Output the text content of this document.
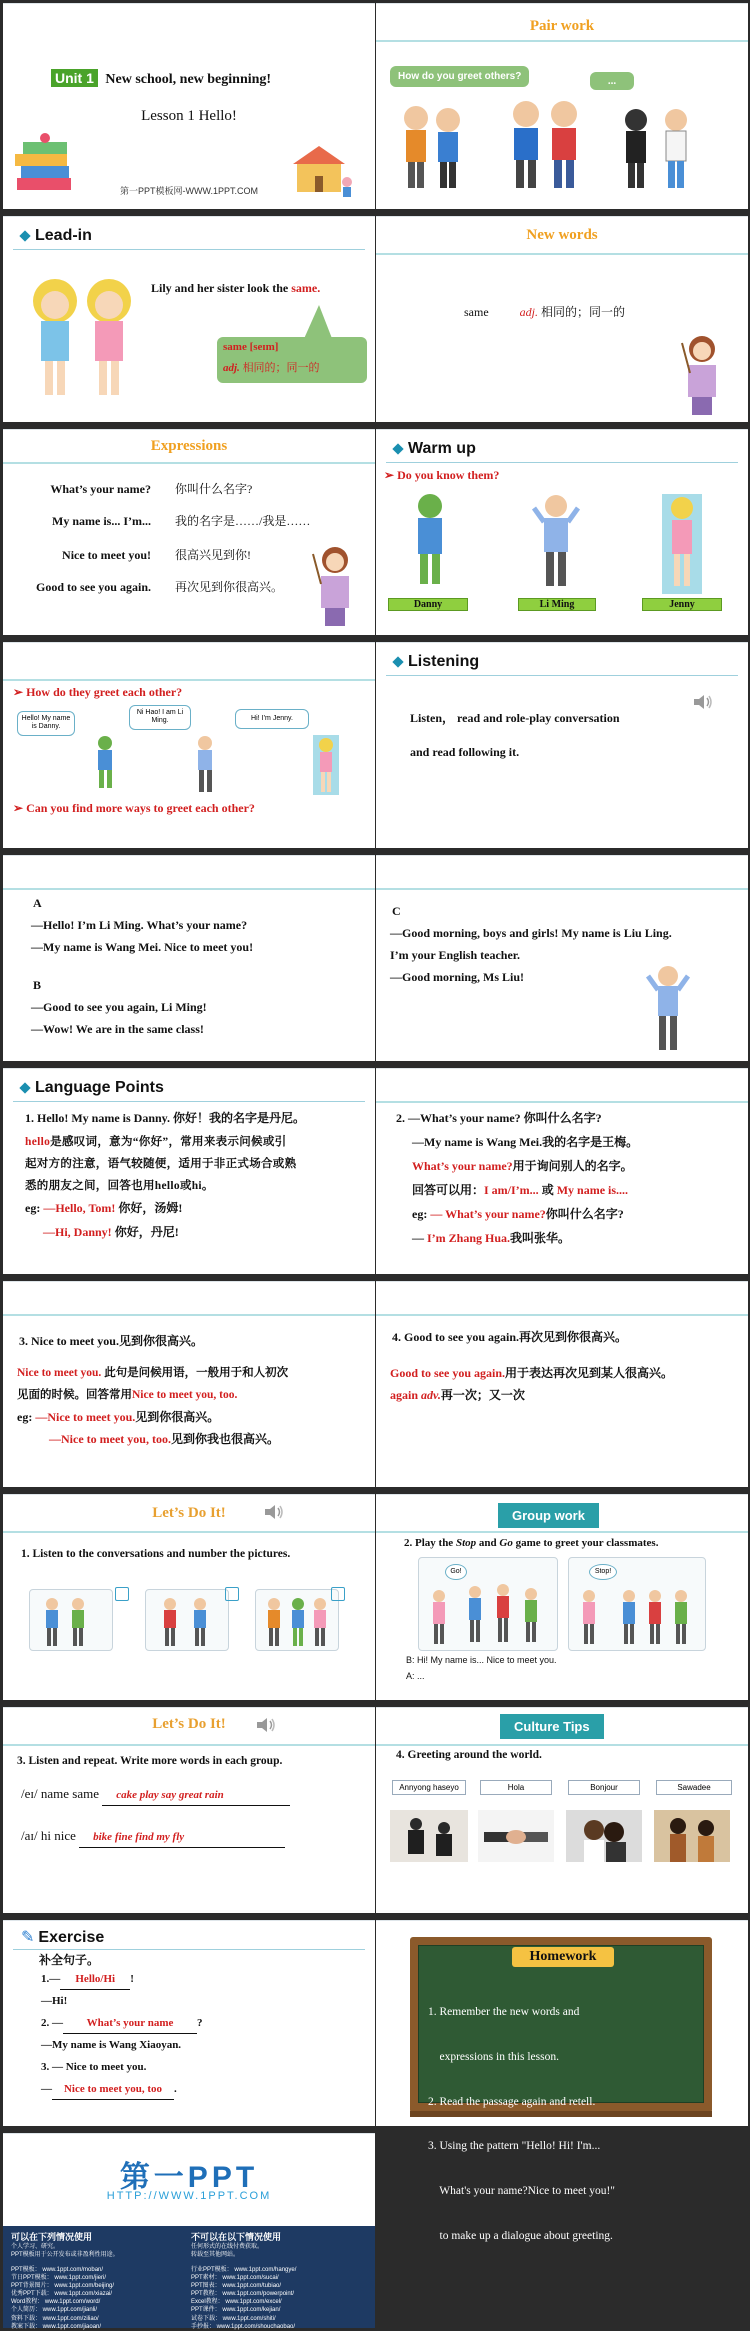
Unit 1 New school, new beginning!
Lesson 1 Hello!
第一PPT模板网-WWW.1PPT.COM
Pair work
How do you greet others?	...
Lead-in
Lily and her sister look the same.
same [seɪm]
adj. 相同的；同一的
New words
same	adj. 相同的；同一的
Expressions
What’s your name? 你叫什么名字?
My name is... I’m... 我的名字是……/我是……
Nice to meet you! 很高兴见到你!
Good to see you again. 再次见到你很高兴。
Warm up
➢ Do you know them?
Danny	Li Ming	Jenny
➢ How do they greet each other?
Hello! My name is Danny.
Ni Hao! I am Li Ming.	Hi! I’m Jenny.
➢ Can you find more ways to greet each other?
Listening
Listen， read and role-play conversation
and read following it.
A
—Hello! I’m Li Ming. What’s your name?
—My name is Wang Mei. Nice to meet you!
B
—Good to see you again, Li Ming!
—Wow! We are in the same class!
C
—Good morning, boys and girls! My name is Liu Ling.
I’m your English teacher.
—Good morning, Ms Liu!
Language Points
1. Hello! My name is Danny. 你好！我的名字是丹尼。
hello是感叹词，意为“你好”，常用来表示问候或引
起对方的注意，语气较随便，适用于非正式场合或熟
悉的朋友之间，回答也用hello或hi。
eg: —Hello, Tom! 你好，汤姆!
—Hi, Danny! 你好，丹尼!
2. —What’s your name? 你叫什么名字?
—My name is Wang Mei.我的名字是王梅。
What’s your name?用于询问别人的名字。
回答可以用：I am/I’m... 或 My name is....
eg: — What’s your name?你叫什么名字?
— I’m Zhang Hua.我叫张华。
3. Nice to meet you.见到你很高兴。
Nice to meet you. 此句是问候用语，一般用于和人初次
见面的时候。回答常用Nice to meet you, too.
eg: —Nice to meet you.见到你很高兴。
—Nice to meet you, too.见到你我也很高兴。
4. Good to see you again.再次见到你很高兴。
Good to see you again.用于表达再次见到某人很高兴。
again adv.再一次；又一次
Let’s Do It!
1. Listen to the conversations and number the pictures.
Group work
2. Play the Stop and Go game to greet your classmates.
Go!	Stop!
B: Hi! My name is... Nice to meet you.
A: ...
Let’s Do It!
3. Listen and repeat. Write more words in each group.
/eɪ/ name same cake play say great rain
/aɪ/ hi nice bike fine find my fly
Culture Tips
4. Greeting around the world.
Annyong haseyo	Hola	Bonjour	Sawadee
✎ Exercise
补全句子。
1.— Hello/Hi !
—Hi!
2. — What’s your name ?
—My name is Wang Xiaoyan.
3. — Nice to meet you.
— Nice to meet you, too .
Homework

1. Remember the new words and

expressions in this lesson.

2. Read the passage again and retell.

3. Using the pattern "Hello! Hi! I'm...

What's your name?Nice to meet you!"

to make up a dialogue about greeting.

第一PPT
HTTP://WWW.1PPT.COM
可以在下列情况使用
个人学习、研究。
PPT模板用于公开发布或非盈利性用途。
不可以在以下情况使用
任何形式的在线付费获取。
转载至其他网站。
PPT模板： www.1ppt.com/moban/
节日PPT模板： www.1ppt.com/jieri/
PPT背景图片： www.1ppt.com/beijing/
优秀PPT下载： www.1ppt.com/xiazai/
Word教程： www.1ppt.com/word/
个人简历： www.1ppt.com/jianli/
资料下载： www.1ppt.com/ziliao/
教案下载： www.1ppt.com/jiaoan/
行业PPT模板： www.1ppt.com/hangye/
PPT素材： www.1ppt.com/sucai/
PPT图表： www.1ppt.com/tubiao/
PPT教程： www.1ppt.com/powerpoint/
Excel教程： www.1ppt.com/excel/
PPT课件： www.1ppt.com/kejian/
试卷下载： www.1ppt.com/shiti/
手抄报： www.1ppt.com/shouchaobao/
